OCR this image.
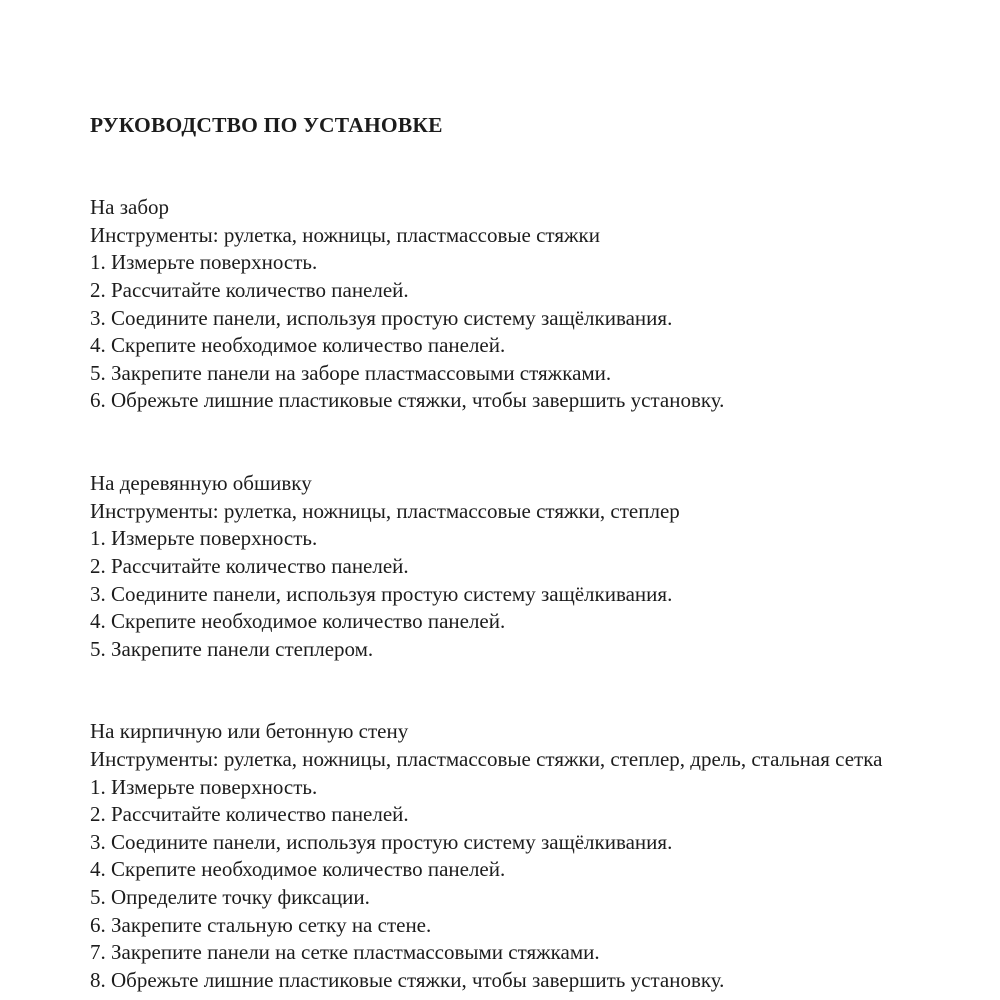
РУКОВОДСТВО ПО УСТАНОВКЕ

На забор

Инструменты: рулетка, ножницы, пластмассовые стяжки

1. Измерьте поверхность.

2. Рассчитайте количество панелей.

3. Соедините панели, используя простую систему защёлкивания.

4. Скрепите необходимое количество панелей.

5. Закрепите панели на заборе пластмассовыми стяжками.

6. Обрежьте лишние пластиковые стяжки, чтобы завершить установку.

На деревянную обшивку

Инструменты: рулетка, ножницы, пластмассовые стяжки, степлер

1. Измерьте поверхность.

2. Рассчитайте количество панелей.

3. Соедините панели, используя простую систему защёлкивания.

4. Скрепите необходимое количество панелей.

5. Закрепите панели степлером.

На кирпичную или бетонную стену

Инструменты: рулетка, ножницы, пластмассовые стяжки, степлер, дрель, стальная сетка

1. Измерьте поверхность.

2. Рассчитайте количество панелей.

3. Соедините панели, используя простую систему защёлкивания.

4. Скрепите необходимое количество панелей.

5. Определите точку фиксации.

6. Закрепите стальную сетку на стене.

7. Закрепите панели на сетке пластмассовыми стяжками.

8. Обрежьте лишние пластиковые стяжки, чтобы завершить установку.
